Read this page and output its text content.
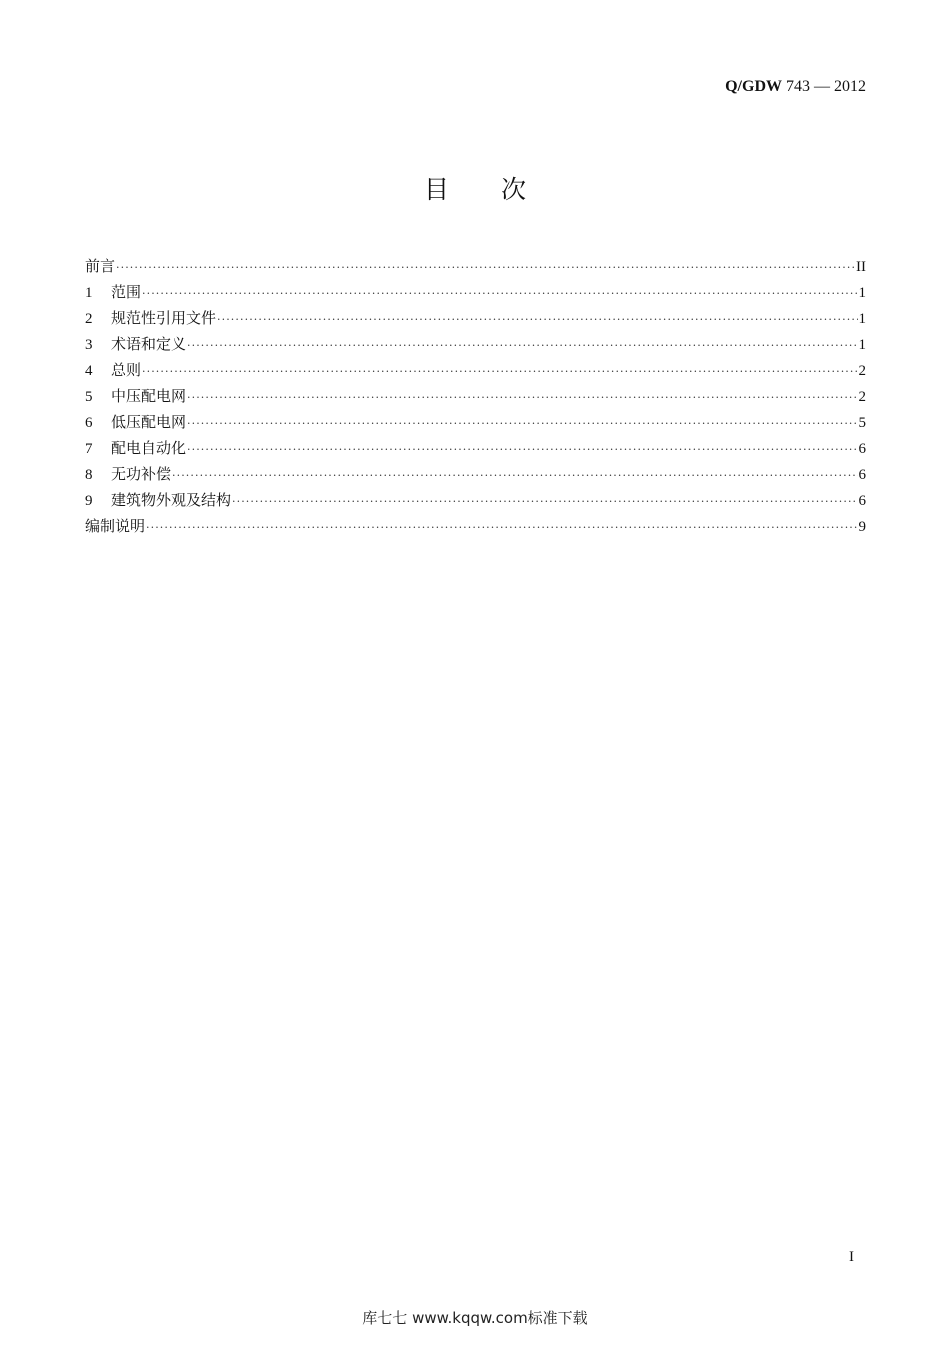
Q/GDW 743 — 2012
目次
前言 ·····	II
1	范围 ·····	1
2	规范性引用文件 ·····	1
3	术语和定义 ·····	1
4	总则 ·····	2
5	中压配电网 ·····	2
6	低压配电网 ·····	5
7	配电自动化 ·····	6
8	无功补偿 ·····	6
9	建筑物外观及结构 ·····	6
编制说明 ·····	9
I
库七七 www.kqqw.com标准下载
